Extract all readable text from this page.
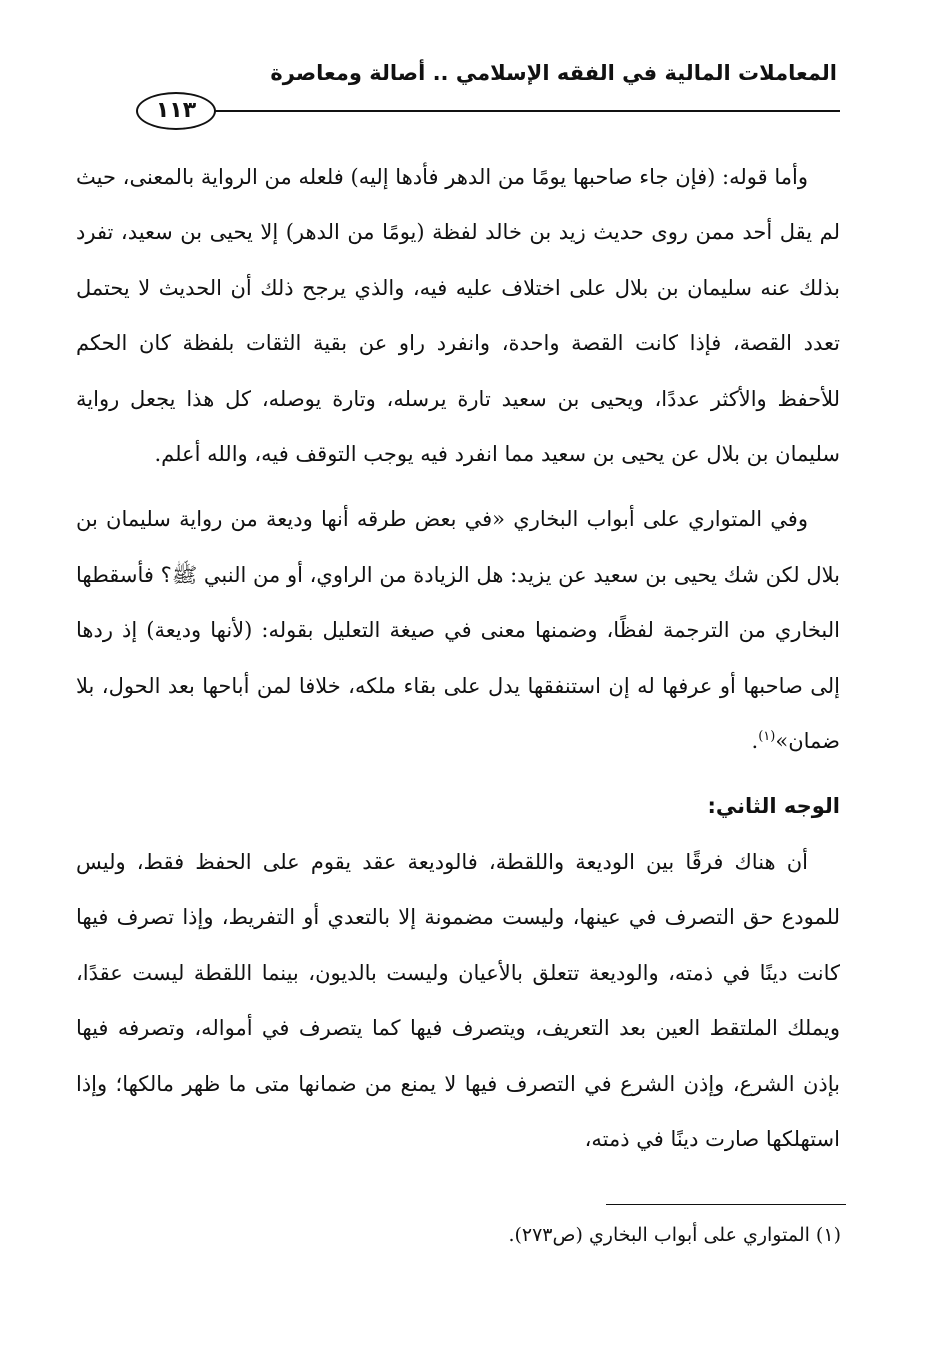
المعاملات المالية في الفقه الإسلامي .. أصالة ومعاصرة
١١٣

وأما قوله: (فإن جاء صاحبها يومًا من الدهر فأدها إليه) فلعله من الرواية بالمعنى، حيث لم يقل أحد ممن روى حديث زيد بن خالد لفظة (يومًا من الدهر) إلا يحيى بن سعيد، تفرد بذلك عنه سليمان بن بلال على اختلاف عليه فيه، والذي يرجح ذلك أن الحديث لا يحتمل تعدد القصة، فإذا كانت القصة واحدة، وانفرد راو عن بقية الثقات بلفظة كان الحكم للأحفظ والأكثر عددًا، ويحيى بن سعيد تارة يرسله، وتارة يوصله، كل هذا يجعل رواية سليمان بن بلال عن يحيى بن سعيد مما انفرد فيه يوجب التوقف فيه، والله أعلم.

وفي المتواري على أبواب البخاري «في بعض طرقه أنها وديعة من رواية سليمان بن بلال لكن شك يحيى بن سعيد عن يزيد: هل الزيادة من الراوي، أو من النبي ﷺ؟ فأسقطها البخاري من الترجمة لفظًا، وضمنها معنى في صيغة التعليل بقوله: (لأنها وديعة) إذ ردها إلى صاحبها أو عرفها له إن استنفقها يدل على بقاء ملكه، خلافا لمن أباحها بعد الحول، بلا ضمان»$^{(١)}$.

الوجه الثاني:

أن هناك فرقًا بين الوديعة واللقطة، فالوديعة عقد يقوم على الحفظ فقط، وليس للمودع حق التصرف في عينها، وليست مضمونة إلا بالتعدي أو التفريط، وإذا تصرف فيها كانت دينًا في ذمته، والوديعة تتعلق بالأعيان وليست بالديون، بينما اللقطة ليست عقدًا، ويملك الملتقط العين بعد التعريف، ويتصرف فيها كما يتصرف في أمواله، وتصرفه فيها بإذن الشرع، وإذن الشرع في التصرف فيها لا يمنع من ضمانها متى ما ظهر مالكها؛ وإذا استهلكها صارت دينًا في ذمته،

(١) المتواري على أبواب البخاري (ص٢٧٣).
